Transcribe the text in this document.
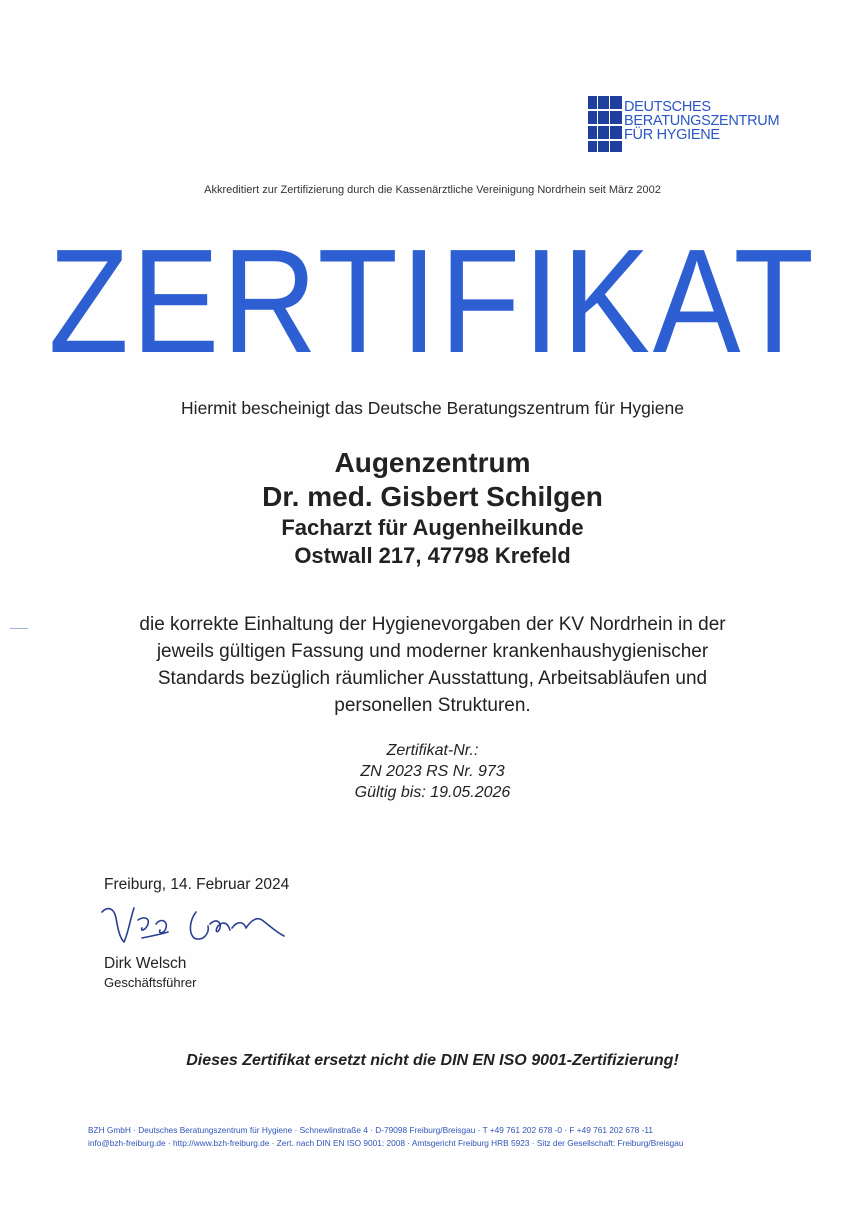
DEUTSCHES
BERATUNGSZENTRUM
FÜR HYGIENE
Akkreditiert zur Zertifizierung durch die Kassenärztliche Vereinigung Nordrhein seit März 2002
ZERTIFIKAT
Hiermit bescheinigt das Deutsche Beratungszentrum für Hygiene
Augenzentrum
Dr. med. Gisbert Schilgen
Facharzt für Augenheilkunde
Ostwall 217, 47798 Krefeld
die korrekte Einhaltung der Hygienevorgaben der KV Nordrhein in der
jeweils gültigen Fassung und moderner krankenhaushygienischer
Standards bezüglich räumlicher Ausstattung, Arbeitsabläufen und
personellen Strukturen.
Zertifikat-Nr.:
ZN 2023 RS Nr. 973
Gültig bis: 19.05.2026
Freiburg, 14. Februar 2024
Dirk Welsch
Geschäftsführer
Dieses Zertifikat ersetzt nicht die DIN EN ISO 9001-Zertifizierung!
BZH GmbH · Deutsches Beratungszentrum für Hygiene · Schnewlinstraße 4 · D-79098 Freiburg/Breisgau · T +49 761 202 678 -0 · F +49 761 202 678 -11
info@bzh-freiburg.de · http://www.bzh-freiburg.de · Zert. nach DIN EN ISO 9001: 2008 · Amtsgericht Freiburg HRB 5923 · Sitz der Gesellschaft: Freiburg/Breisgau
